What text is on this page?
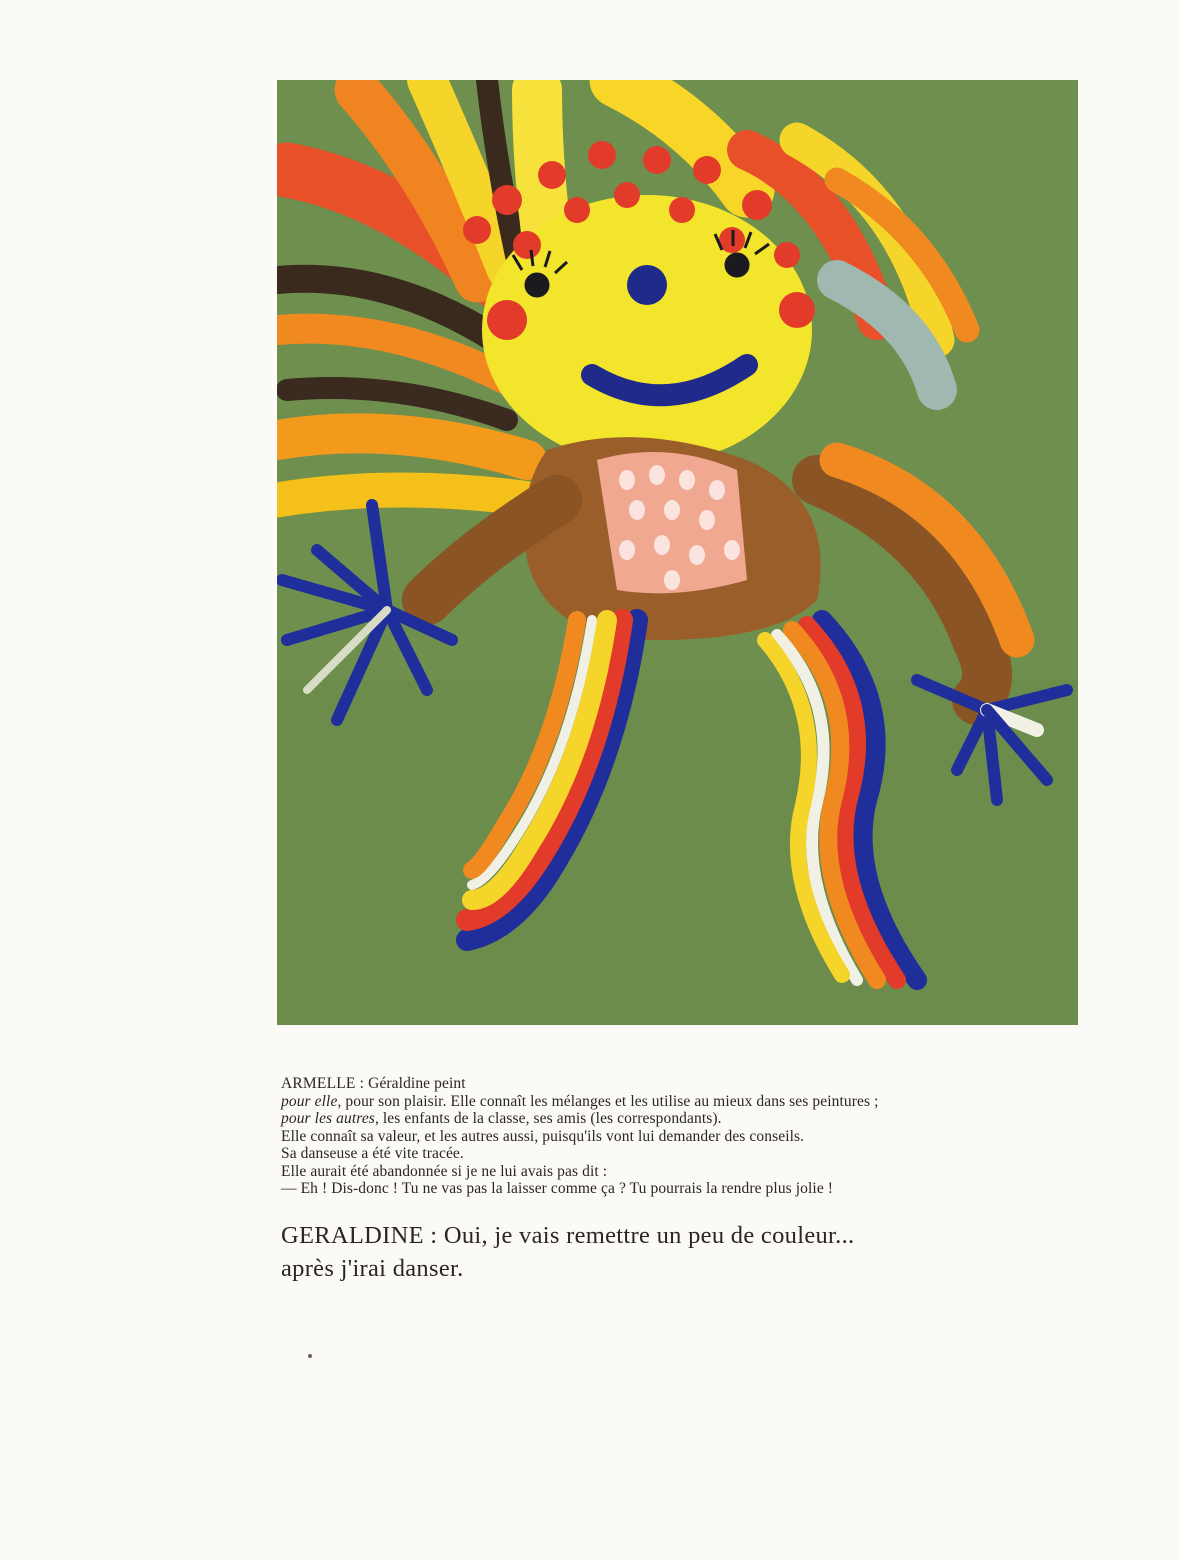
ARMELLE : Géraldine peint

pour elle, pour son plaisir. Elle connaît les mélanges et les utilise au mieux dans ses peintures ;

pour les autres, les enfants de la classe, ses amis (les correspondants).

Elle connaît sa valeur, et les autres aussi, puisqu'ils vont lui demander des conseils.

Sa danseuse a été vite tracée.

Elle aurait été abandonnée si je ne lui avais pas dit :

— Eh ! Dis-donc ! Tu ne vas pas la laisser comme ça ? Tu pourrais la rendre plus jolie !

GERALDINE : Oui, je vais remettre un peu de couleur...

après j'irai danser.
